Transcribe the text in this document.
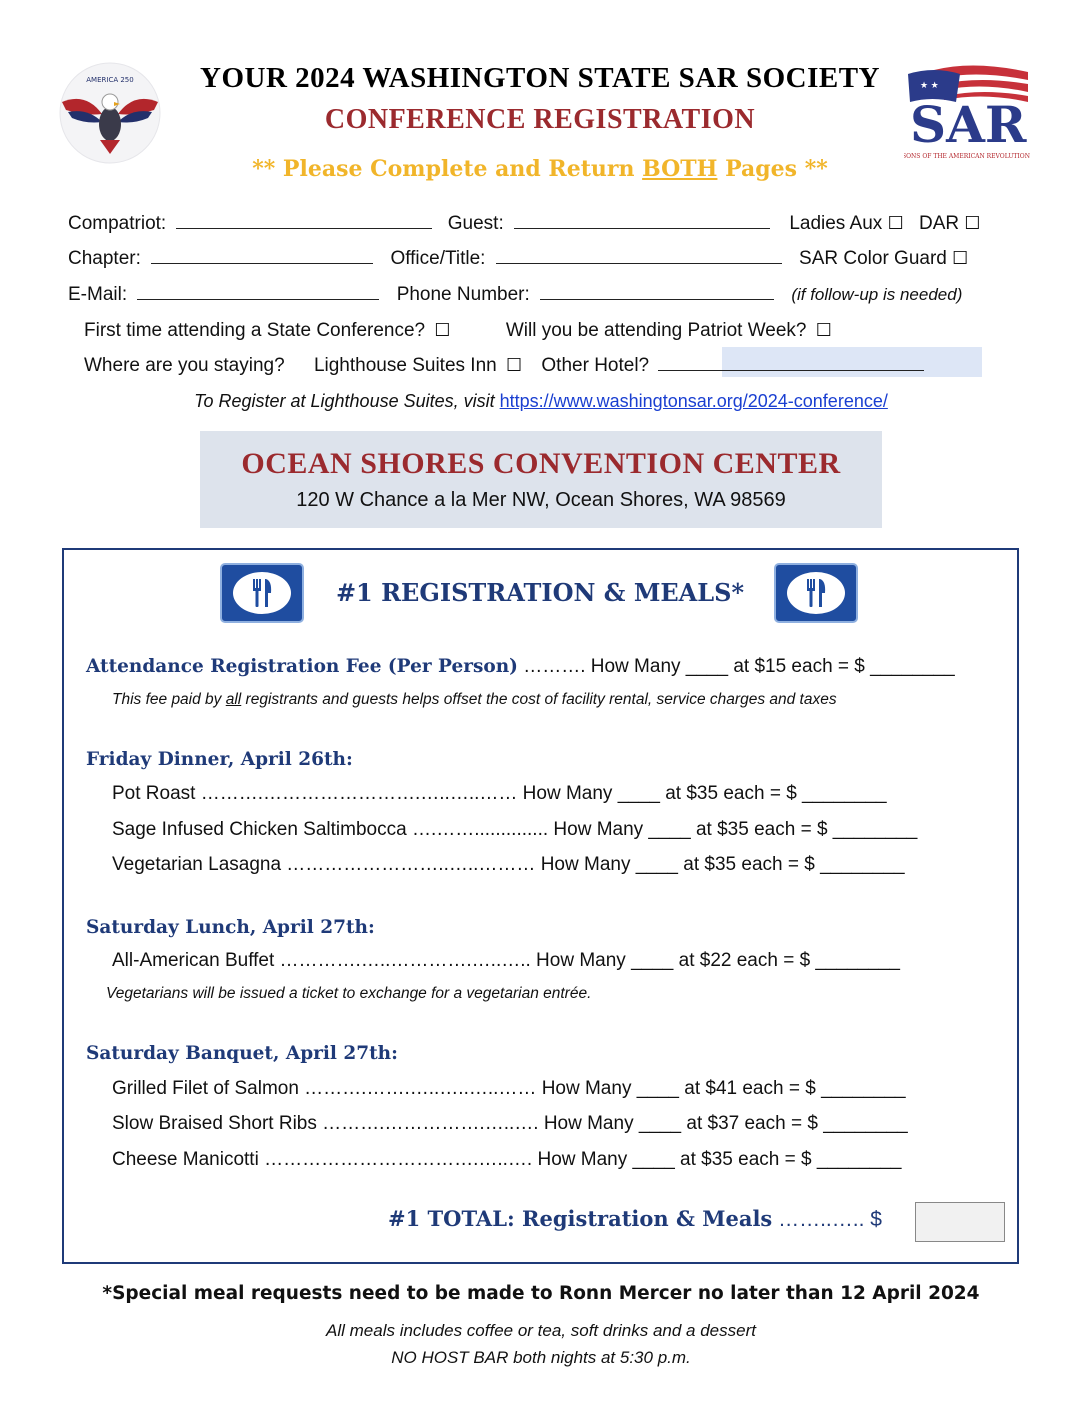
AMERICA 250	★ ★
SAR
SONS OF THE AMERICAN REVOLUTION
YOUR 2024 WASHINGTON STATE SAR SOCIETY
CONFERENCE REGISTRATION
** Please Complete and Return BOTH Pages **
Compatriot:	Guest:	Ladies Aux ☐ DAR ☐
Chapter:	Office/Title:	SAR Color Guard ☐
E-Mail:	Phone Number:	(if follow-up is needed)
First time attending a State Conference? ☐	Will you be attending Patriot Week? ☐
Where are you staying? Lighthouse Suites Inn ☐ Other Hotel?
To Register at Lighthouse Suites, visit https://www.washingtonsar.org/2024-conference/
OCEAN SHORES CONVENTION CENTER
120 W Chance a la Mer NW, Ocean Shores, WA 98569
#1 REGISTRATION & MEALS*
Attendance Registration Fee (Per Person) ………. How Many ____ at $15 each = $ ________
This fee paid by all registrants and guests helps offset the cost of facility rental, service charges and taxes
Friday Dinner, April 26th:
Pot Roast ……….…………………….…..…..…… How Many ____ at $35 each = $ ________
Sage Infused Chicken Saltimbocca ….…….............. How Many ____ at $35 each = $ ________
Vegetarian Lasagna ……………………..…..……… How Many ____ at $35 each = $ ________
Saturday Lunch, April 27th:
All-American Buffet ………….…..………….…..….. How Many ____ at $22 each = $ ________
Vegetarians will be issued a ticket to exchange for a vegetarian entrée.
Saturday Banquet, April 27th:
Grilled Filet of Salmon ……….…….…..…..…..…… How Many ____ at $41 each = $ ________
Slow Braised Short Ribs ……….…………….…..…. How Many ____ at $37 each = $ ________
Cheese Manicotti …………………………….…..…. How Many ____ at $35 each = $ ________
#1 TOTAL: Registration & Meals ……..….. $
*Special meal requests need to be made to Ronn Mercer no later than 12 April 2024
All meals includes coffee or tea, soft drinks and a dessert
NO HOST BAR both nights at 5:30 p.m.
